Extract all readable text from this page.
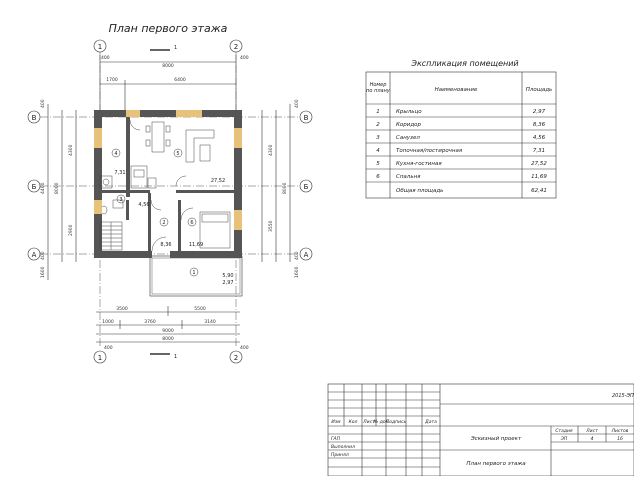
План первого этажа
400
8000
400
1700	6400
1	2
1	2
1
1
В
Б
А
В
Б
А
400
4300
8000
4400
2900
1600
400
400
4300
8000
3550
1600
400
3500	5500
1000	3760	3140
9000
8000
400	400
1
2,97
5,90
2
8,36
3
4,56
4
7,31
5
27,52
6
11,69
Экспликация помещений
Номер по плану	Наименование	Площадь
1	Крыльцо	2,97
2	Коридор	8,36
3	Санузел	4,56
4	Топочная/постирочная	7,31
5	Кухня-гостиная	27,52
6	Спальня	11,69
Общая площадь	62,41
Изм Кол Лист
№ док
Подпись	Дата
ГАП
Выполнил
Принял
2015-ЭП
Эскизный проект
План первого этажа
Стадия	Лист	Листов
ЭП	4	16
